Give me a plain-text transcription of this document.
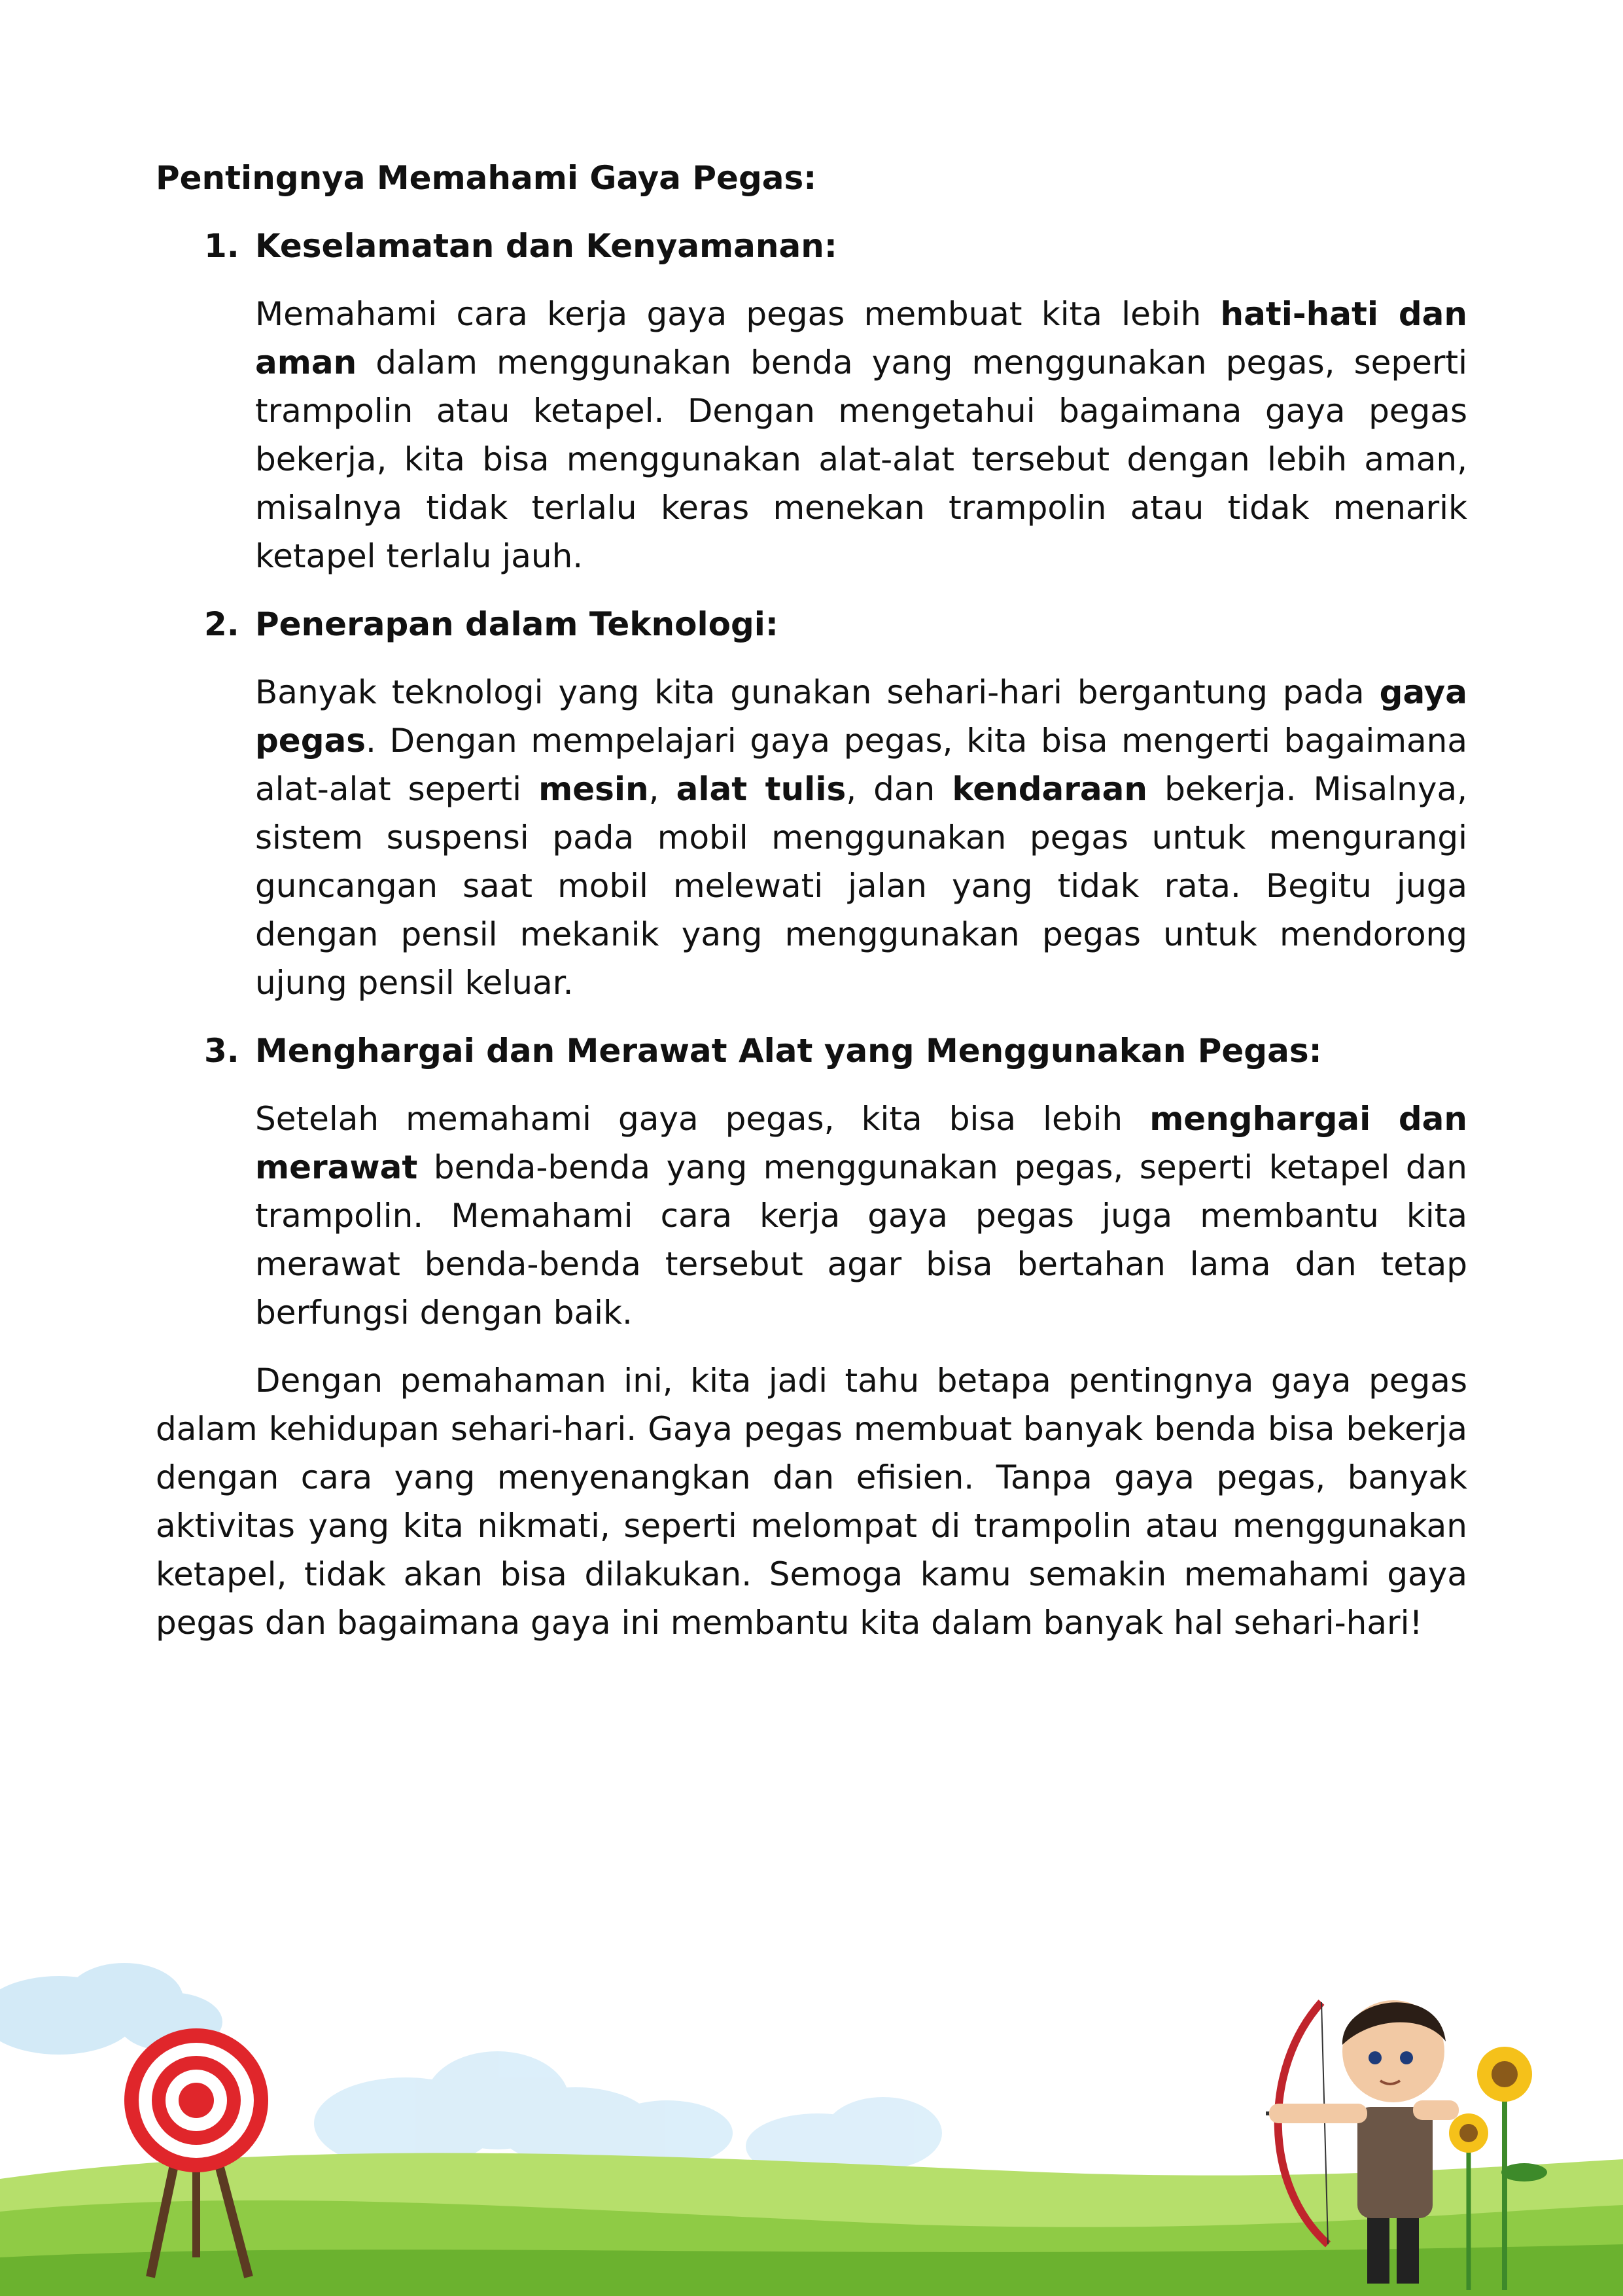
Pentingnya Memahami Gaya Pegas:

1. Keselamatan dan Kenyamanan:

Memahami cara kerja gaya pegas membuat kita lebih hati-hati dan aman dalam menggunakan benda yang menggunakan pegas, seperti trampolin atau ketapel. Dengan mengetahui bagaimana gaya pegas bekerja, kita bisa menggunakan alat-alat tersebut dengan lebih aman, misalnya tidak terlalu keras menekan trampolin atau tidak menarik ketapel terlalu jauh.

2. Penerapan dalam Teknologi:

Banyak teknologi yang kita gunakan sehari-hari bergantung pada gaya pegas. Dengan mempelajari gaya pegas, kita bisa mengerti bagaimana alat-alat seperti mesin, alat tulis, dan kendaraan bekerja. Misalnya, sistem suspensi pada mobil menggunakan pegas untuk mengurangi guncangan saat mobil melewati jalan yang tidak rata. Begitu juga dengan pensil mekanik yang menggunakan pegas untuk mendorong ujung pensil keluar.

3. Menghargai dan Merawat Alat yang Menggunakan Pegas:

Setelah memahami gaya pegas, kita bisa lebih menghargai dan merawat benda-benda yang menggunakan pegas, seperti ketapel dan trampolin. Memahami cara kerja gaya pegas juga membantu kita merawat benda-benda tersebut agar bisa bertahan lama dan tetap berfungsi dengan baik.

Dengan pemahaman ini, kita jadi tahu betapa pentingnya gaya pegas dalam kehidupan sehari-hari. Gaya pegas membuat banyak benda bisa bekerja dengan cara yang menyenangkan dan efisien. Tanpa gaya pegas, banyak aktivitas yang kita nikmati, seperti melompat di trampolin atau menggunakan ketapel, tidak akan bisa dilakukan. Semoga kamu semakin memahami gaya pegas dan bagaimana gaya ini membantu kita dalam banyak hal sehari-hari!
